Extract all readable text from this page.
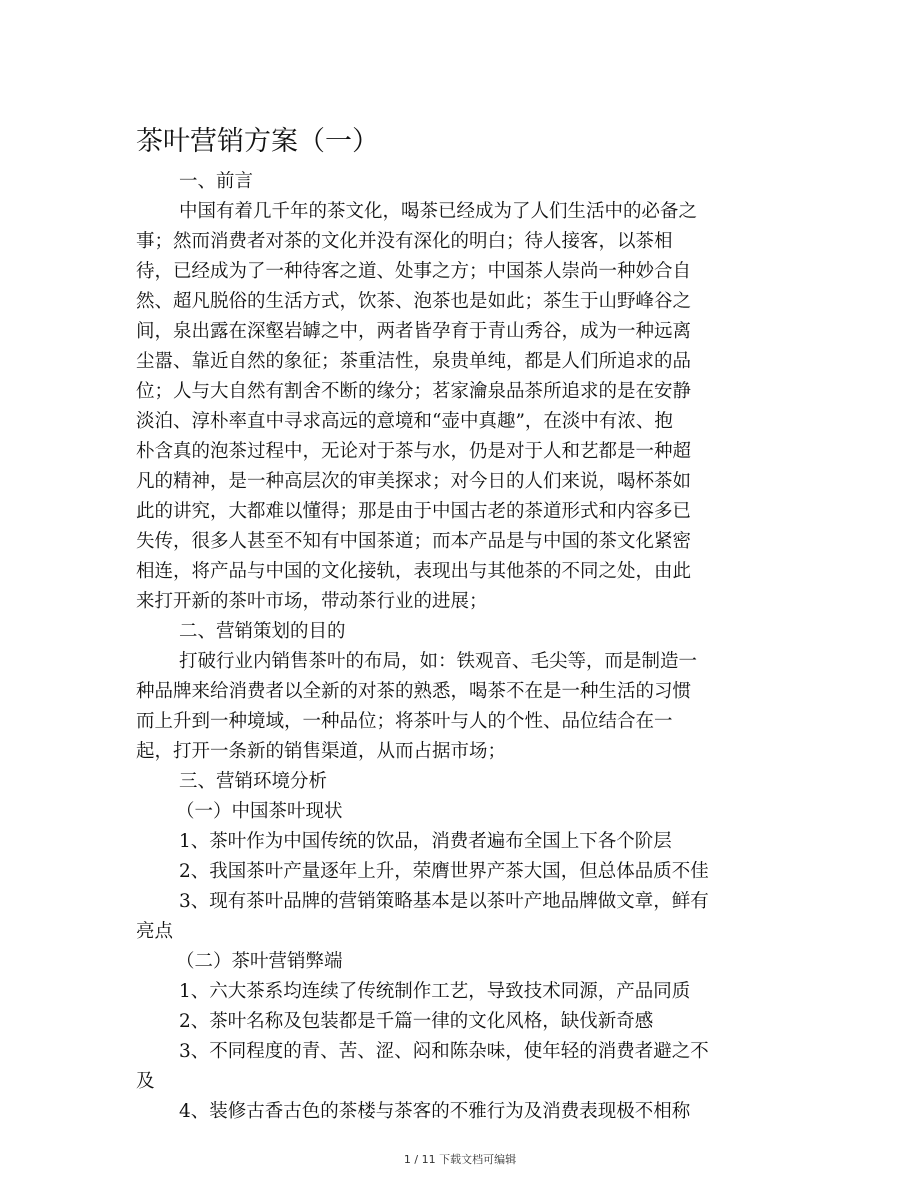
茶叶营销方案（一）
一、前言
中国有着几千年的茶文化，喝茶已经成为了人们生活中的必备之
事；然而消费者对茶的文化并没有深化的明白；待人接客，以茶相
待，已经成为了一种待客之道、处事之方；中国茶人崇尚一种妙合自
然、超凡脱俗的生活方式，饮茶、泡茶也是如此；茶生于山野峰谷之
间，泉出露在深壑岩罅之中，两者皆孕育于青山秀谷，成为一种远离
尘嚣、靠近自然的象征；茶重洁性，泉贵单纯，都是人们所追求的品
位；人与大自然有割舍不断的缘分；茗家瀹泉品茶所追求的是在安静
淡泊、淳朴率直中寻求高远的意境和“壶中真趣”，在淡中有浓、抱
朴含真的泡茶过程中，无论对于茶与水，仍是对于人和艺都是一种超
凡的精神，是一种高层次的审美探求；对今日的人们来说，喝杯茶如
此的讲究，大都难以懂得；那是由于中国古老的茶道形式和内容多已
失传，很多人甚至不知有中国茶道；而本产品是与中国的茶文化紧密
相连，将产品与中国的文化接轨，表现出与其他茶的不同之处，由此
来打开新的茶叶市场，带动茶行业的进展；
二、营销策划的目的
打破行业内销售茶叶的布局，如：铁观音、毛尖等，而是制造一
种品牌来给消费者以全新的对茶的熟悉，喝茶不在是一种生活的习惯
而上升到一种境域，一种品位；将茶叶与人的个性、品位结合在一
起，打开一条新的销售渠道，从而占据市场；
三、营销环境分析
（一）中国茶叶现状
1、茶叶作为中国传统的饮品，消费者遍布全国上下各个阶层
2、我国茶叶产量逐年上升，荣膺世界产茶大国，但总体品质不佳
3、现有茶叶品牌的营销策略基本是以茶叶产地品牌做文章，鲜有
亮点
（二）茶叶营销弊端
1、六大茶系均连续了传统制作工艺，导致技术同源，产品同质
2、茶叶名称及包装都是千篇一律的文化风格，缺伐新奇感
3、不同程度的青、苦、涩、闷和陈杂味，使年轻的消费者避之不
及
4、装修古香古色的茶楼与茶客的不雅行为及消费表现极不相称
1 / 11 下载文档可编辑
